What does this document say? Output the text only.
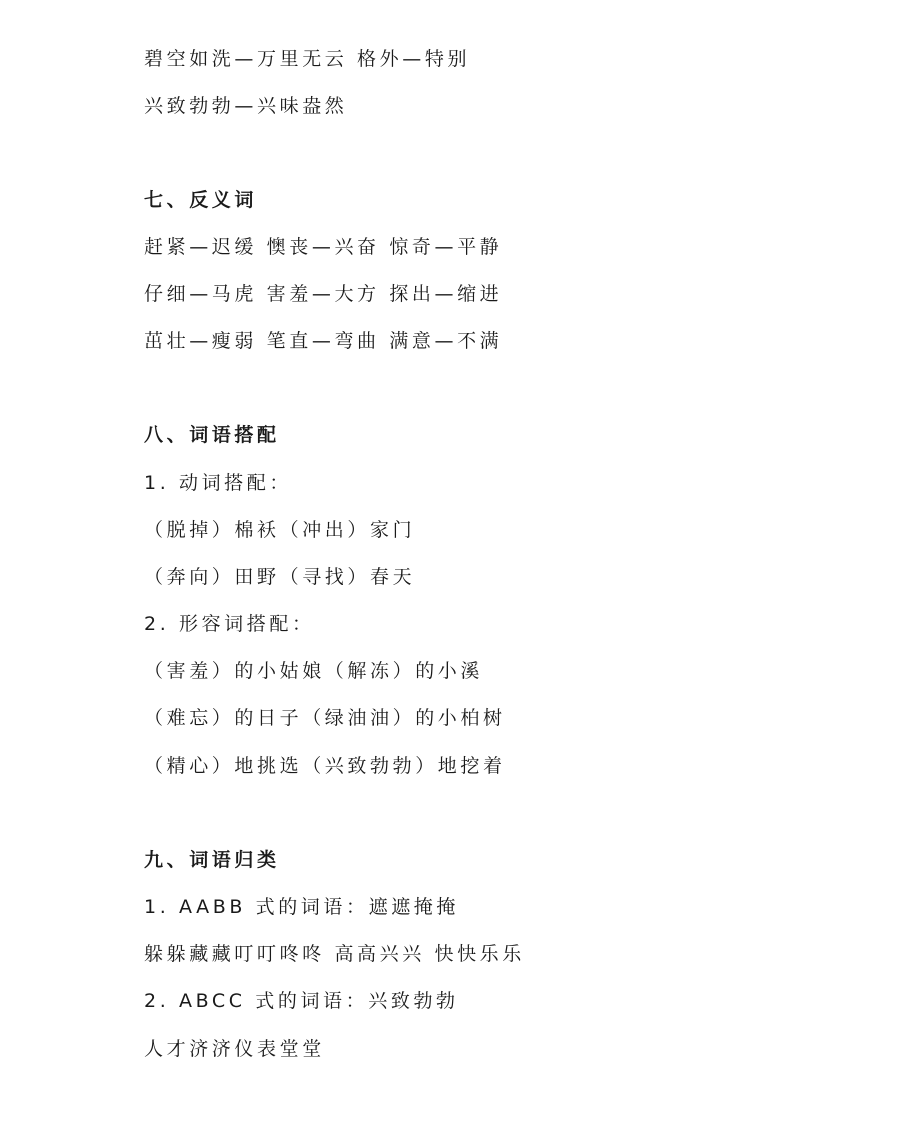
碧空如洗—万里无云 格外—特别
兴致勃勃—兴味盎然
七、反义词
赶紧—迟缓 懊丧—兴奋 惊奇—平静
仔细—马虎 害羞—大方 探出—缩进
茁壮—瘦弱 笔直—弯曲 满意—不满
八、词语搭配
1. 动词搭配：
（脱掉）棉袄（冲出）家门
（奔向）田野（寻找）春天
2. 形容词搭配：
（害羞）的小姑娘（解冻）的小溪
（难忘）的日子（绿油油）的小柏树
（精心）地挑选（兴致勃勃）地挖着
九、词语归类
1. AABB 式的词语：遮遮掩掩
躲躲藏藏叮叮咚咚 高高兴兴 快快乐乐
2. ABCC 式的词语：兴致勃勃
人才济济仪表堂堂
